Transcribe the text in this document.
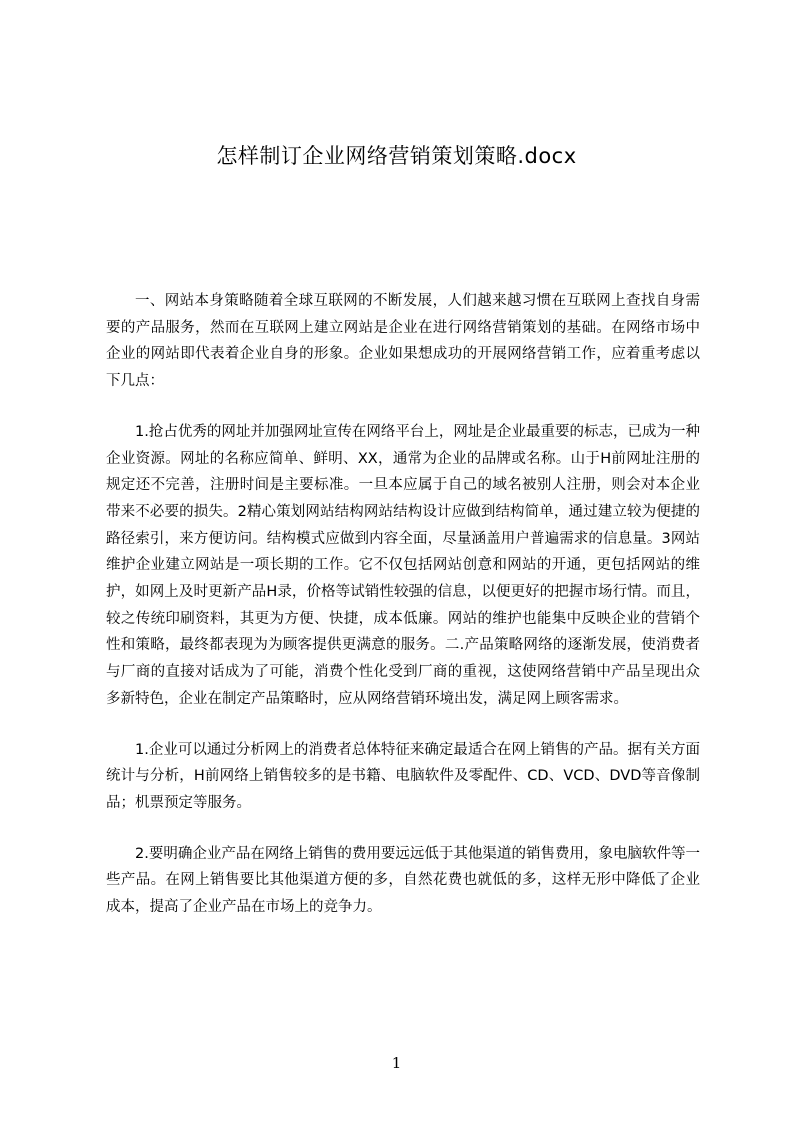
怎样制订企业网络营销策划策略.docx

一、网站本身策略随着全球互联网的不断发展，人们越来越习惯在互联网上查找自身需要的产品服务，然而在互联网上建立网站是企业在进行网络营销策划的基础。在网络市场中企业的网站即代表着企业自身的形象。企业如果想成功的开展网络营销工作，应着重考虑以下几点：

1.抢占优秀的网址并加强网址宣传在网络平台上，网址是企业最重要的标志，已成为一种企业资源。网址的名称应简单、鲜明、XX，通常为企业的品牌或名称。山于H前网址注册的规定还不完善，注册时间是主要标准。一旦本应属于自己的域名被别人注册，则会对本企业带来不必要的损失。2精心策划网站结构网站结构设计应做到结构简单，通过建立较为便捷的路径索引，来方便访问。结构模式应做到内容全面，尽量涵盖用户普遍需求的信息量。3网站维护企业建立网站是一项长期的工作。它不仅包括网站创意和网站的开通，更包括网站的维护，如网上及时更新产品H录，价格等试销性较强的信息，以便更好的把握市场行情。而且，较之传统印刷资料，其更为方便、快捷，成本低廉。网站的维护也能集中反映企业的营销个性和策略，最终都表现为为顾客提供更满意的服务。二.产品策略网络的逐渐发展，使消费者与厂商的直接对话成为了可能，消费个性化受到厂商的重视，这使网络营销中产品呈现出众多新特色，企业在制定产品策略时，应从网络营销环境出发，满足网上顾客需求。

1.企业可以通过分析网上的消费者总体特征来确定最适合在网上销售的产品。据有关方面统计与分析，H前网络上销售较多的是书籍、电脑软件及零配件、CD、VCD、DVD等音像制品；机票预定等服务。

2.要明确企业产品在网络上销售的费用要远远低于其他渠道的销售费用，象电脑软件等一些产品。在网上销售要比其他渠道方便的多，自然花费也就低的多，这样无形中降低了企业成本，提高了企业产品在市场上的竞争力。

1
